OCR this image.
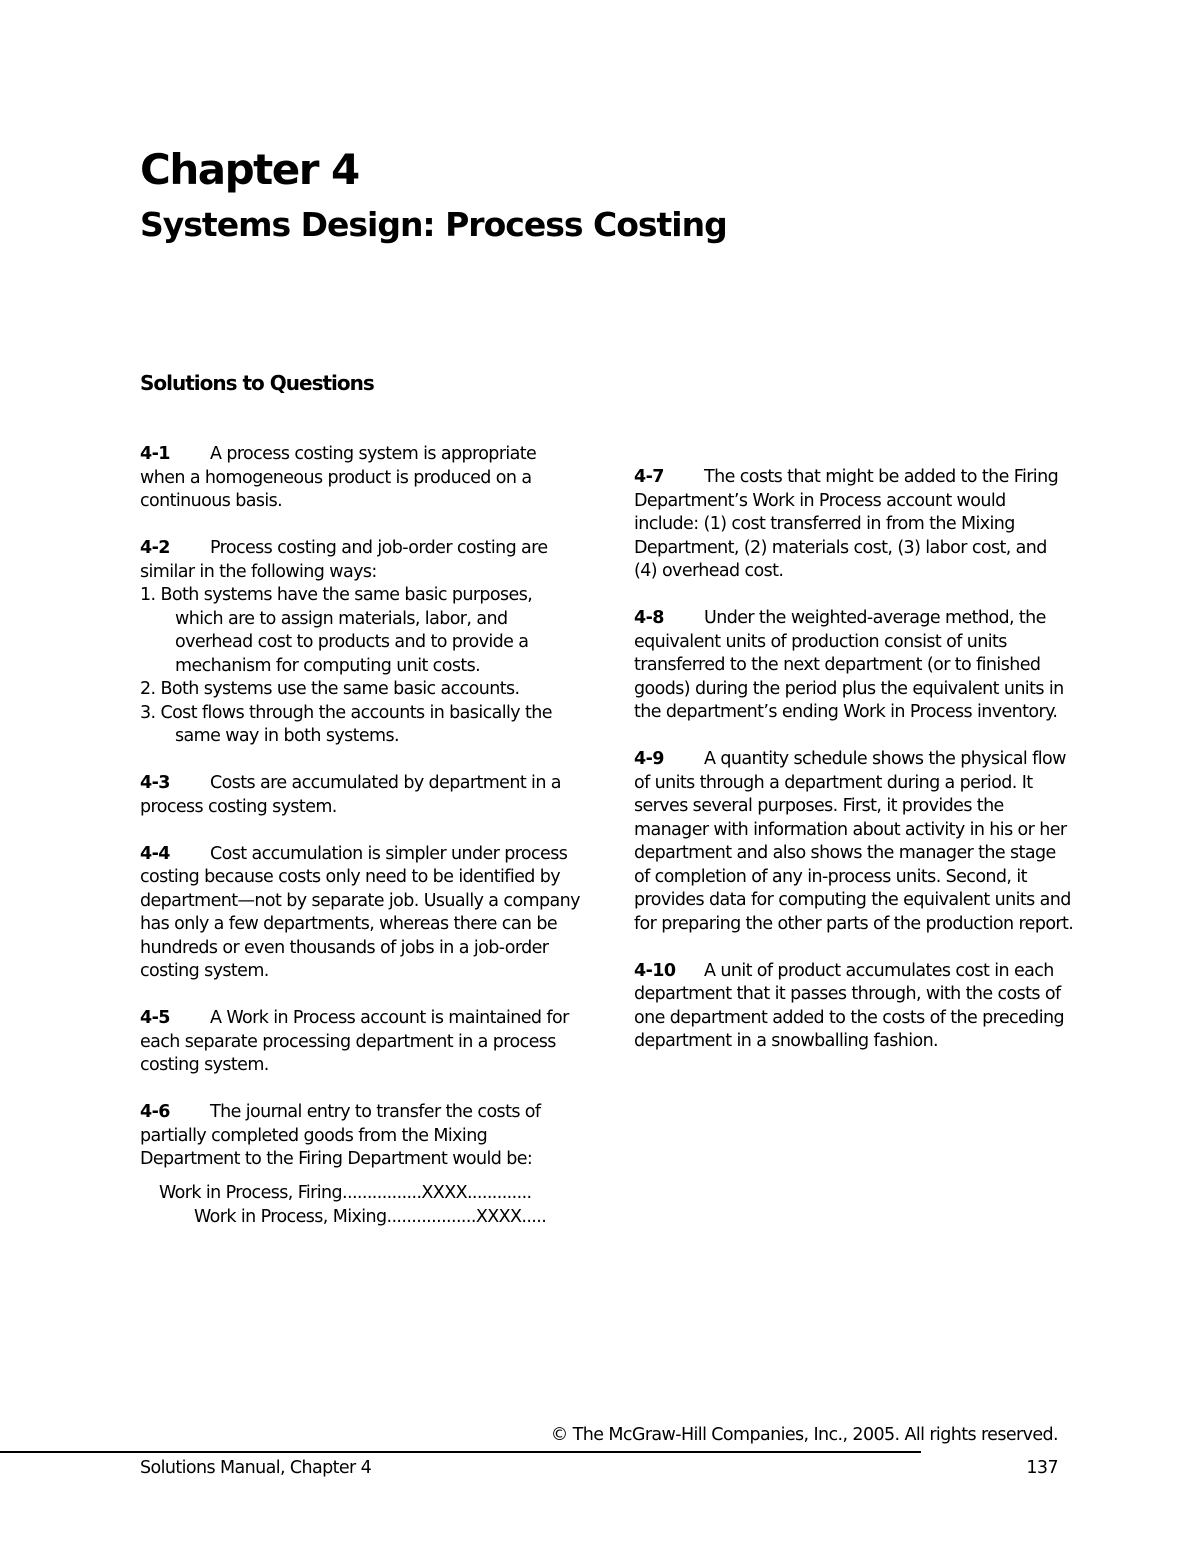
Chapter 4
Systems Design: Process Costing
Solutions to Questions

4-1 A process costing system is appropriate when a homogeneous product is produced on a continuous basis.

4-2 Process costing and job-order costing are similar in the following ways:
1. Both systems have the same basic purposes, which are to assign materials, labor, and overhead cost to products and to provide a mechanism for computing unit costs.
2. Both systems use the same basic accounts.
3. Cost flows through the accounts in basically the same way in both systems.

4-3 Costs are accumulated by department in a process costing system.

4-4 Cost accumulation is simpler under process costing because costs only need to be identified by department—not by separate job. Usually a company has only a few departments, whereas there can be hundreds or even thousands of jobs in a job-order costing system.

4-5 A Work in Process account is maintained for each separate processing department in a process costing system.

4-6 The journal entry to transfer the costs of partially completed goods from the Mixing Department to the Firing Department would be:

Work in Process, Firing................XXXX.............
Work in Process, Mixing..................XXXX.....

4-7 The costs that might be added to the Firing Department’s Work in Process account would include: (1) cost transferred in from the Mixing Department, (2) materials cost, (3) labor cost, and (4) overhead cost.

4-8 Under the weighted-average method, the equivalent units of production consist of units transferred to the next department (or to finished goods) during the period plus the equivalent units in the department’s ending Work in Process inventory.

4-9 A quantity schedule shows the physical flow of units through a department during a period. It serves several purposes. First, it provides the manager with information about activity in his or her department and also shows the manager the stage of completion of any in-process units. Second, it provides data for computing the equivalent units and for preparing the other parts of the production report.

4-10 A unit of product accumulates cost in each department that it passes through, with the costs of one department added to the costs of the preceding department in a snowballing fashion.

© The McGraw-Hill Companies, Inc., 2005. All rights reserved.
Solutions Manual, Chapter 4	137
